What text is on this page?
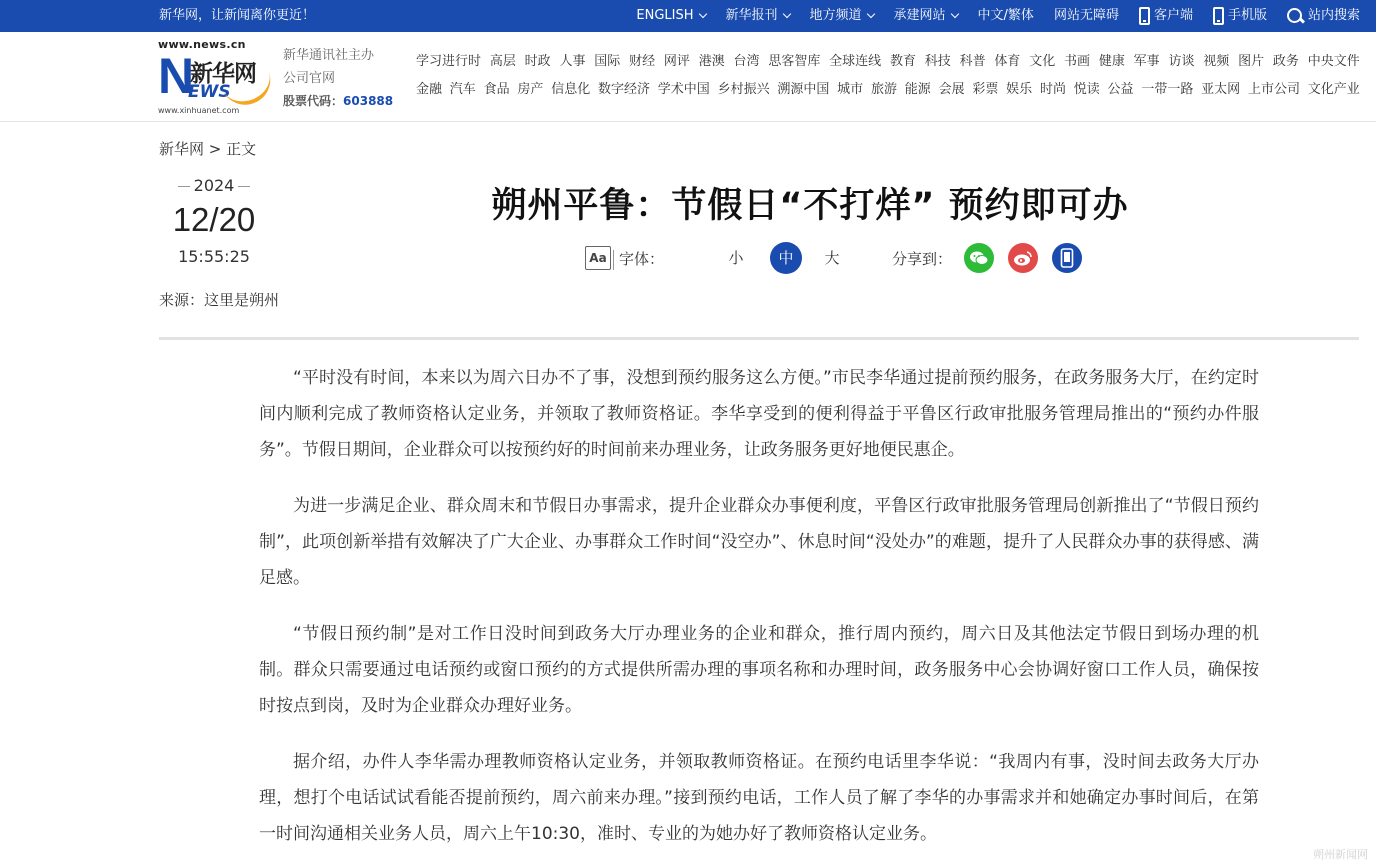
新华网，让新闻离你更近！	ENGLISH 新华报刊 地方频道 承建网站 中文/繁体 网站无障碍	客户端	手机版	站内搜索
www.news.cn
N
新华网
EWS
www.xinhuanet.com
新华通讯社主办
公司官网
股票代码：603888
学习进行时 高层 时政 人事 国际 财经 网评 港澳 台湾 思客智库 全球连线 教育 科技 科普 体育 文化 书画 健康 军事 访谈 视频 图片 政务 中央文件
金融 汽车 食品 房产 信息化 数字经济 学术中国 乡村振兴 溯源中国 城市 旅游 能源 会展 彩票 娱乐 时尚 悦读 公益 一带一路 亚太网 上市公司 文化产业
新华网 > 正文
2024
12/20
15:55:25
来源：这里是朔州
朔州平鲁：节假日“不打烊” 预约即可办
Aa 字体：	小	中	大	分享到：

“平时没有时间，本来以为周六日办不了事，没想到预约服务这么方便。”市民李华通过提前预约服务，在政务服务大厅，在约定时间内顺利完成了教师资格认定业务，并领取了教师资格证。李华享受到的便利得益于平鲁区行政审批服务管理局推出的“预约办件服务”。节假日期间，企业群众可以按预约好的时间前来办理业务，让政务服务更好地便民惠企。

为进一步满足企业、群众周末和节假日办事需求，提升企业群众办事便利度，平鲁区行政审批服务管理局创新推出了“节假日预约制”，此项创新举措有效解决了广大企业、办事群众工作时间“没空办”、休息时间“没处办”的难题，提升了人民群众办事的获得感、满足感。

“节假日预约制”是对工作日没时间到政务大厅办理业务的企业和群众，推行周内预约，周六日及其他法定节假日到场办理的机制。群众只需要通过电话预约或窗口预约的方式提供所需办理的事项名称和办理时间，政务服务中心会协调好窗口工作人员，确保按时按点到岗，及时为企业群众办理好业务。

据介绍，办件人李华需办理教师资格认定业务，并领取教师资格证。在预约电话里李华说：“我周内有事，没时间去政务大厅办理，想打个电话试试看能否提前预约，周六前来办理。”接到预约电话，工作人员了解了李华的办事需求并和她确定办事时间后，在第一时间沟通相关业务人员，周六上午10:30，准时、专业的为她办好了教师资格认定业务。

朔州新闻网
